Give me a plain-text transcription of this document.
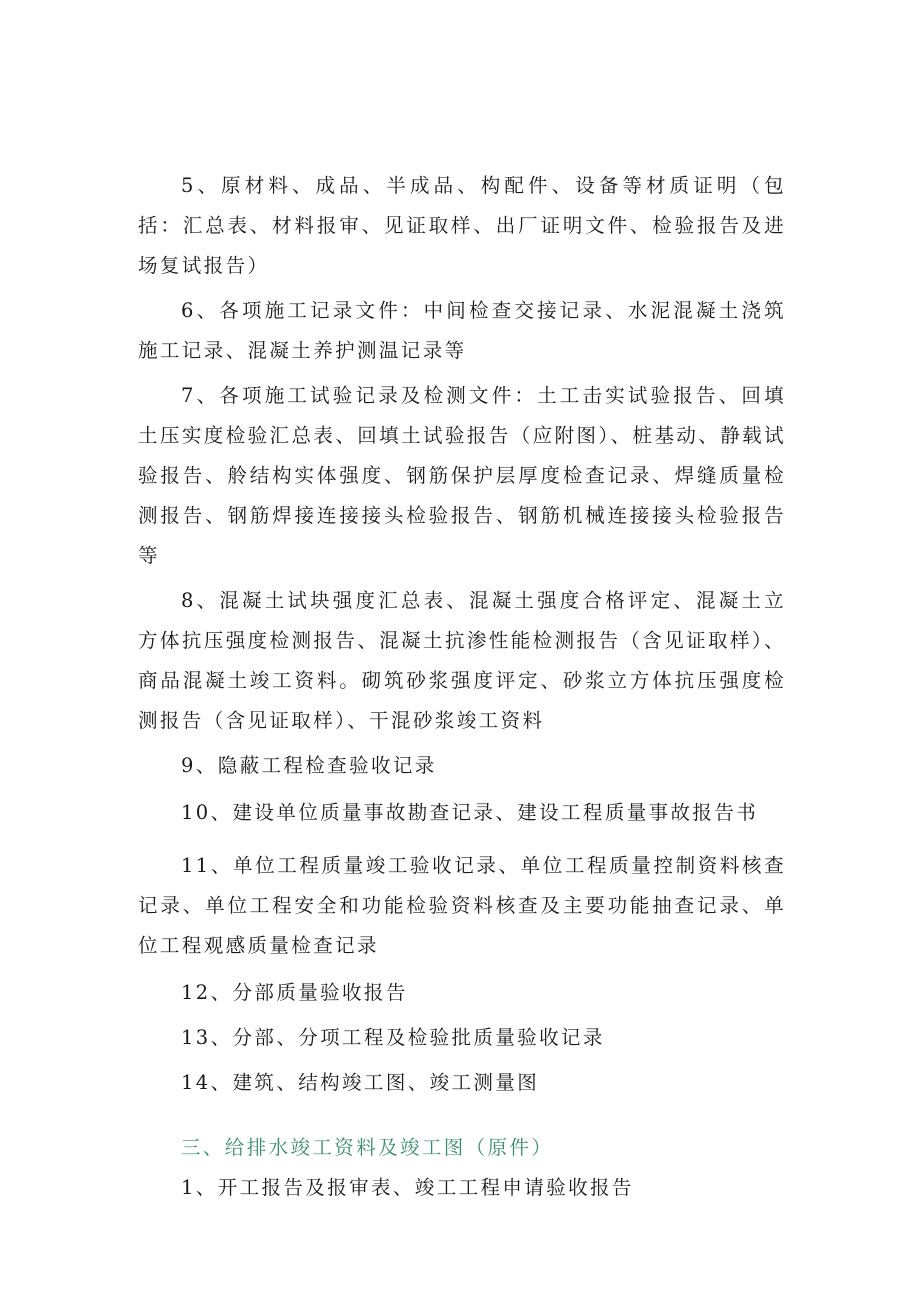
5、原材料、成品、半成品、构配件、设备等材质证明（包括：汇总表、材料报审、见证取样、出厂证明文件、检验报告及进场复试报告）

6、各项施工记录文件：中间检查交接记录、水泥混凝土浇筑施工记录、混凝土养护测温记录等

7、各项施工试验记录及检测文件：土工击实试验报告、回填土压实度检验汇总表、回填土试验报告（应附图）、桩基动、静载试验报告、舲结构实体强度、钢筋保护层厚度检查记录、焊缝质量检测报告、钢筋焊接连接接头检验报告、钢筋机械连接接头检验报告等

8、混凝土试块强度汇总表、混凝土强度合格评定、混凝土立方体抗压强度检测报告、混凝土抗渗性能检测报告（含见证取样）、商品混凝土竣工资料。砌筑砂浆强度评定、砂浆立方体抗压强度检测报告（含见证取样）、干混砂浆竣工资料

9、隐蔽工程检查验收记录

10、建设单位质量事故勘查记录、建设工程质量事故报告书

11、单位工程质量竣工验收记录、单位工程质量控制资料核查记录、单位工程安全和功能检验资料核查及主要功能抽查记录、单位工程观感质量检查记录

12、分部质量验收报告

13、分部、分项工程及检验批质量验收记录

14、建筑、结构竣工图、竣工测量图

三、给排水竣工资料及竣工图（原件）

1、开工报告及报审表、竣工工程申请验收报告
